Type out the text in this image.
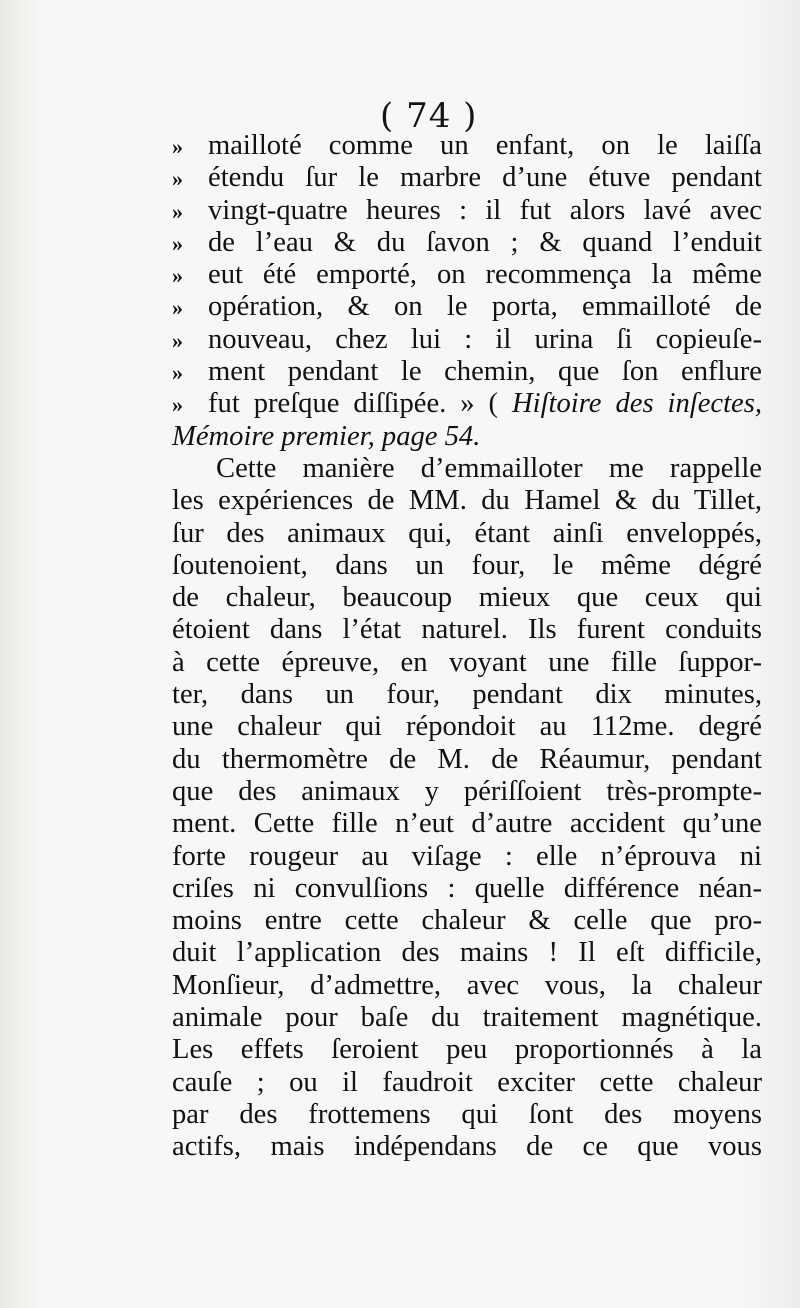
( 74 )
» mailloté comme un enfant, on le laiſſa
» étendu ſur le marbre d’une étuve pendant
» vingt-quatre heures : il fut alors lavé avec
» de l’eau & du ſavon ; & quand l’enduit
» eut été emporté, on recommença la même
» opération, & on le porta, emmailloté de
» nouveau, chez lui : il urina ſi copieuſe-
» ment pendant le chemin, que ſon enflure
» fut preſque diſſipée. » ( Hiſtoire des inſectes,
Mémoire premier, page 54.
Cette manière d’emmailloter me rappelle
les expériences de MM. du Hamel & du Tillet,
ſur des animaux qui, étant ainſi enveloppés,
ſoutenoient, dans un four, le même dégré
de chaleur, beaucoup mieux que ceux qui
étoient dans l’état naturel. Ils furent conduits
à cette épreuve, en voyant une fille ſuppor-
ter, dans un four, pendant dix minutes,
une chaleur qui répondoit au 112me. degré
du thermomètre de M. de Réaumur, pendant
que des animaux y périſſoient très-prompte-
ment. Cette fille n’eut d’autre accident qu’une
forte rougeur au viſage : elle n’éprouva ni
criſes ni convulſions : quelle différence néan-
moins entre cette chaleur & celle que pro-
duit l’application des mains ! Il eſt difficile,
Monſieur, d’admettre, avec vous, la chaleur
animale pour baſe du traitement magnétique.
Les effets ſeroient peu proportionnés à la
cauſe ; ou il faudroit exciter cette chaleur
par des frottemens qui ſont des moyens
actifs, mais indépendans de ce que vous
